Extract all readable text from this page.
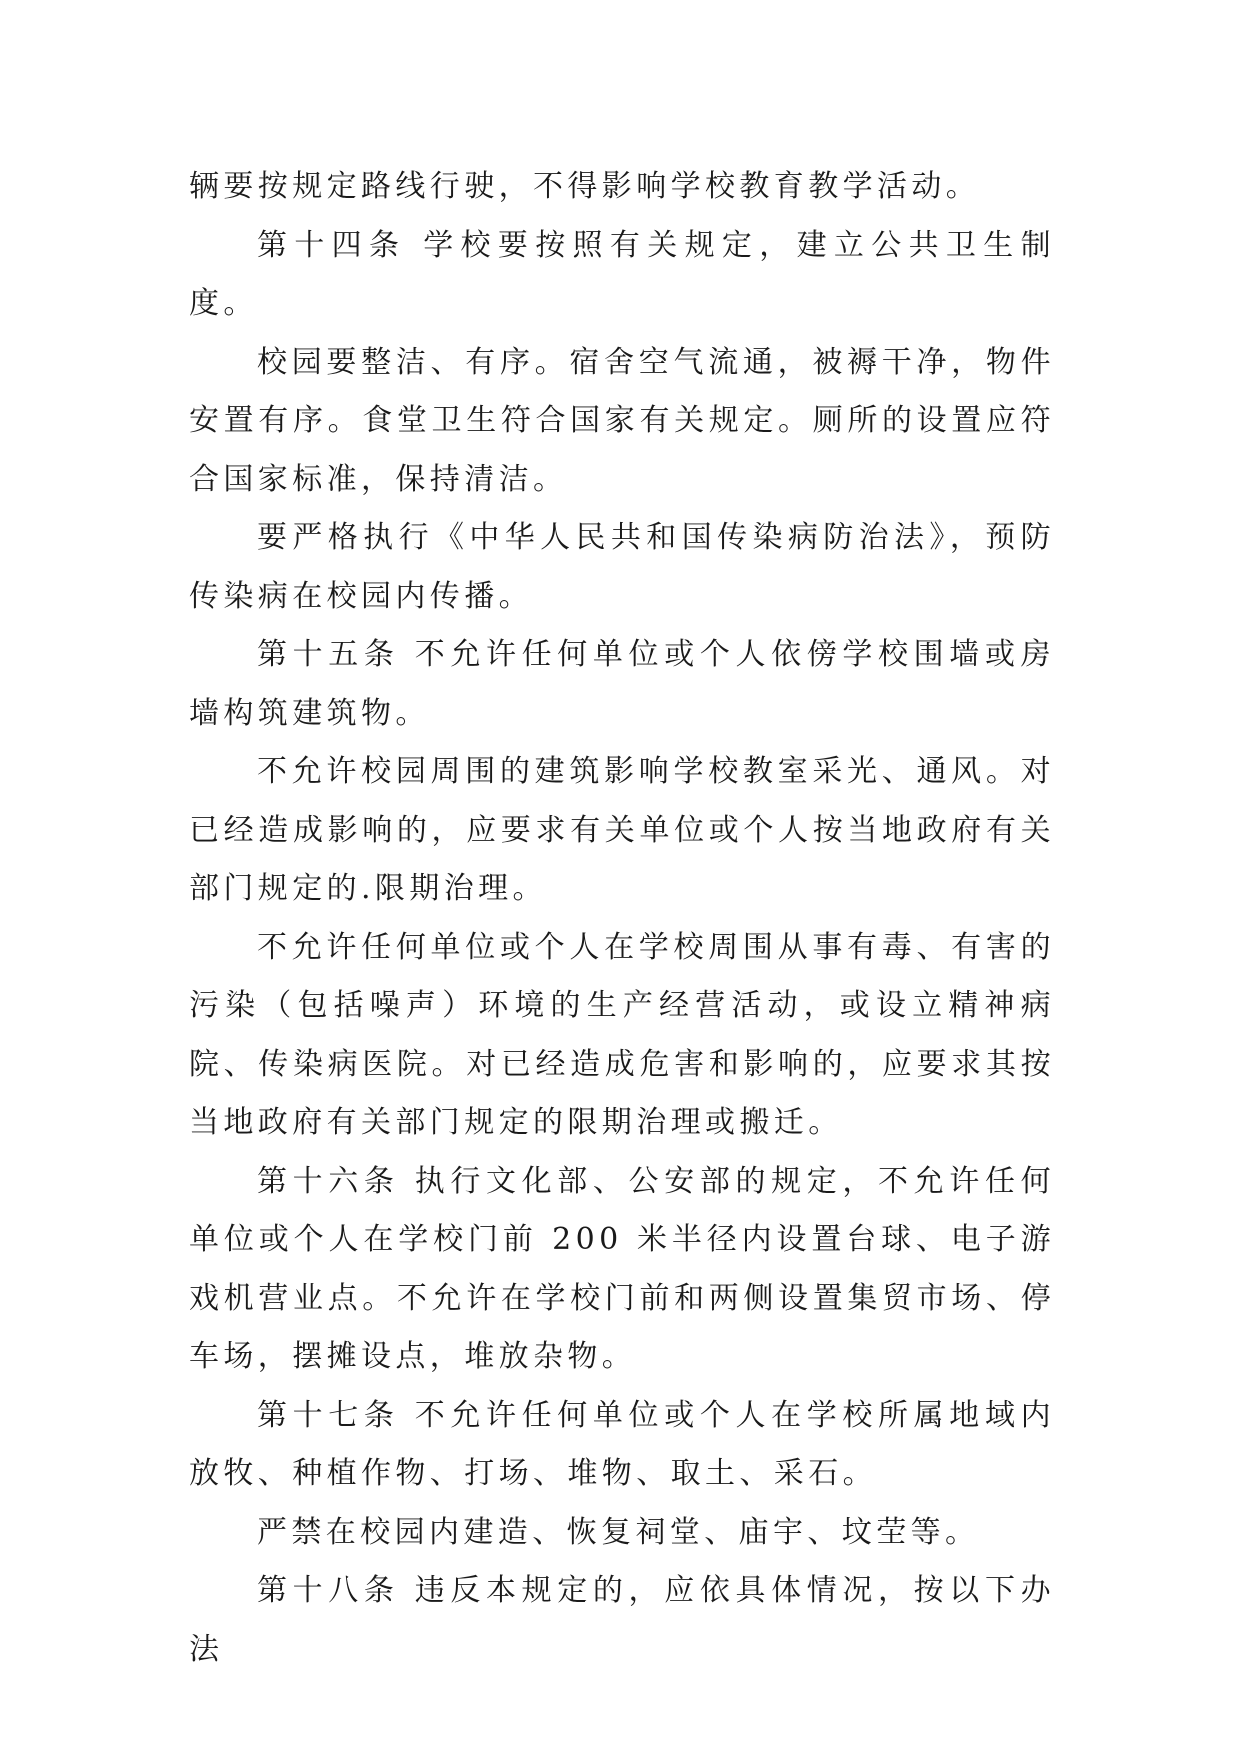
辆要按规定路线行驶，不得影响学校教育教学活动。

第十四条 学校要按照有关规定，建立公共卫生制度。

校园要整洁、有序。宿舍空气流通，被褥干净，物件安置有序。食堂卫生符合国家有关规定。厕所的设置应符合国家标准，保持清洁。

要严格执行《中华人民共和国传染病防治法》，预防传染病在校园内传播。

第十五条 不允许任何单位或个人依傍学校围墙或房墙构筑建筑物。

不允许校园周围的建筑影响学校教室采光、通风。对已经造成影响的，应要求有关单位或个人按当地政府有关部门规定的.限期治理。

不允许任何单位或个人在学校周围从事有毒、有害的污染（包括噪声）环境的生产经营活动，或设立精神病院、传染病医院。对已经造成危害和影响的，应要求其按当地政府有关部门规定的限期治理或搬迁。

第十六条 执行文化部、公安部的规定，不允许任何单位或个人在学校门前 200 米半径内设置台球、电子游戏机营业点。不允许在学校门前和两侧设置集贸市场、停车场，摆摊设点，堆放杂物。

第十七条 不允许任何单位或个人在学校所属地域内放牧、种植作物、打场、堆物、取土、采石。

严禁在校园内建造、恢复祠堂、庙宇、坟茔等。

第十八条 违反本规定的，应依具体情况，按以下办法
